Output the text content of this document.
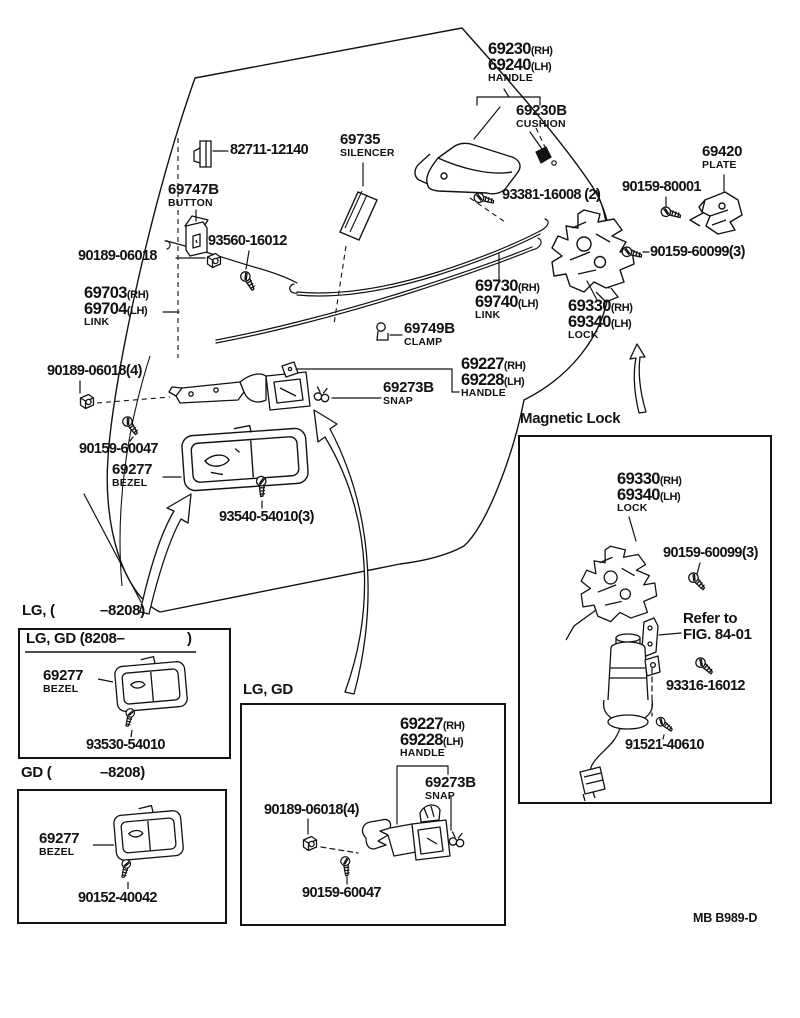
69230(RH)
69240(LH)
HANDLE
69230B
CUSHION
82711-12140
69735
SILENCER
93381-16008 (2)
69420
PLATE
90159-80001
69747B
BUTTON
93560-16012
90159-60099(3)
90189-06018
69703(RH)
69704(LH)
LINK
69730(RH)
69740(LH)
LINK
69330(RH)
69340(LH)
LOCK
69749B
CLAMP
90189-06018(4)	69227(RH)
69228(LH)
HANDLE
69273B
SNAP
90159-60047
69277
BEZEL
93540-54010(3)
Magnetic Lock
69330(RH)
69340(LH)
LOCK
90159-60099(3)
Refer to
FIG. 84-01
93316-16012
91521-40610
LG, (	–8208)
LG, GD (8208–	)
69277
BEZEL
93530-54010
GD (	–8208)
69277
BEZEL
90152-40042
LG, GD
69227(RH)
69228(LH)
HANDLE
69273B
SNAP
90189-06018(4)
90159-60047
MB B989-D
